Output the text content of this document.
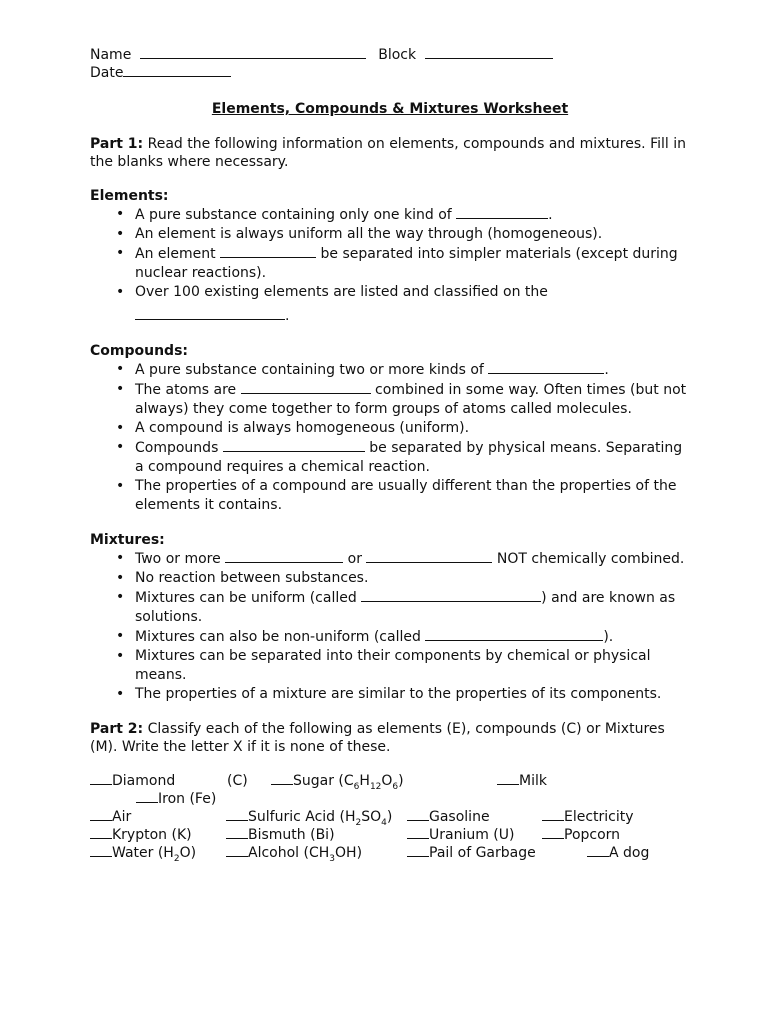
Name	Block
Date
Elements, Compounds & Mixtures Worksheet
Part 1: Read the following information on elements, compounds and mixtures. Fill in the blanks where necessary.
Elements:
• A pure substance containing only one kind of	.
• An element is always uniform all the way through (homogeneous).
• An element	be separated into simpler materials (except during nuclear reactions).
• Over 100 existing elements are listed and classified on the
.
Compounds:
• A pure substance containing two or more kinds of	.
• The atoms are	combined in some way. Often times (but not always) they come together to form groups of atoms called molecules.
• A compound is always homogeneous (uniform).
• Compounds	be separated by physical means. Separating a compound requires a chemical reaction.
• The properties of a compound are usually different than the properties of the elements it contains.
Mixtures:
• Two or more	or	NOT chemically combined.
• No reaction between substances.
• Mixtures can be uniform (called	) and are known as solutions.
• Mixtures can also be non-uniform (called	).
• Mixtures can be separated into their components by chemical or physical means.
• The properties of a mixture are similar to the properties of its components.
Part 2: Classify each of the following as elements (E), compounds (C) or Mixtures (M). Write the letter X if it is none of these.
Diamond	(C)	Sugar $(C_6H_{12}O_6)$	Milk
Iron (Fe)
Air	Sulfuric Acid $(H_2SO_4)$	Gasoline	Electricity
Krypton (K)	Bismuth (Bi)	Uranium (U)	Popcorn
Water $(H_2O)$	Alcohol $(CH_3OH)$	Pail of Garbage	A dog
